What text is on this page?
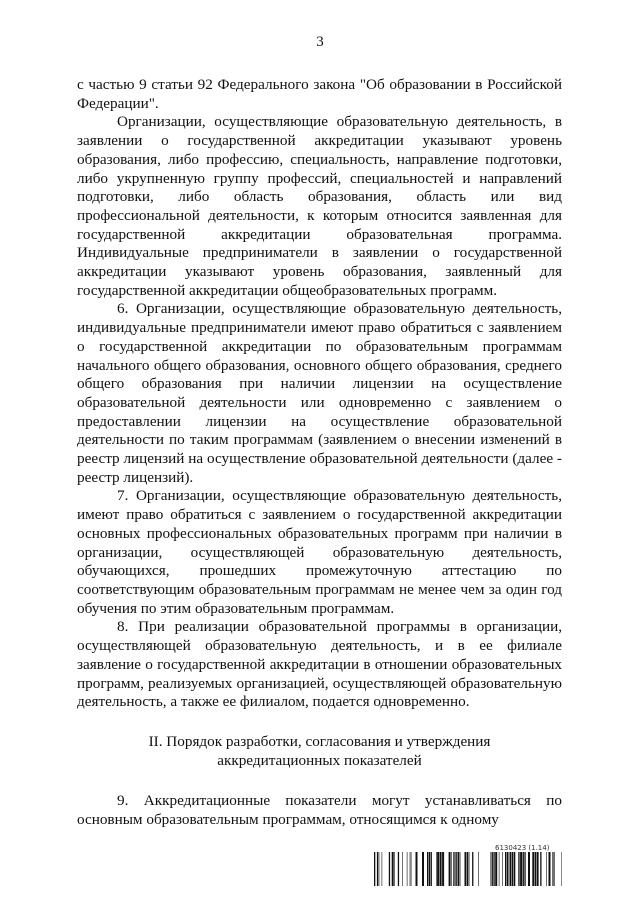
3

с частью 9 статьи 92 Федерального закона "Об образовании в Российской Федерации".

Организации, осуществляющие образовательную деятельность, в заявлении о государственной аккредитации указывают уровень образования, либо профессию, специальность, направление подготовки, либо укрупненную группу профессий, специальностей и направлений подготовки, либо область образования, область или вид профессиональной деятельности, к которым относится заявленная для государственной аккредитации образовательная программа. Индивидуальные предприниматели в заявлении о государственной аккредитации указывают уровень образования, заявленный для государственной аккредитации общеобразовательных программ.

6. Организации, осуществляющие образовательную деятельность, индивидуальные предприниматели имеют право обратиться с заявлением о государственной аккредитации по образовательным программам начального общего образования, основного общего образования, среднего общего образования при наличии лицензии на осуществление образовательной деятельности или одновременно с заявлением о предоставлении лицензии на осуществление образовательной деятельности по таким программам (заявлением о внесении изменений в реестр лицензий на осуществление образовательной деятельности (далее - реестр лицензий).

7. Организации, осуществляющие образовательную деятельность, имеют право обратиться с заявлением о государственной аккредитации основных профессиональных образовательных программ при наличии в организации, осуществляющей образовательную деятельность, обучающихся, прошедших промежуточную аттестацию по соответствующим образовательным программам не менее чем за один год обучения по этим образовательным программам.

8. При реализации образовательной программы в организации, осуществляющей образовательную деятельность, и в ее филиале заявление о государственной аккредитации в отношении образовательных программ, реализуемых организацией, осуществляющей образовательную деятельность, а также ее филиалом, подается одновременно.

II. Порядок разработки, согласования и утверждения
аккредитационных показателей

9. Аккредитационные показатели могут устанавливаться по основным образовательным программам, относящимся к одному

6130423 (1.14)
